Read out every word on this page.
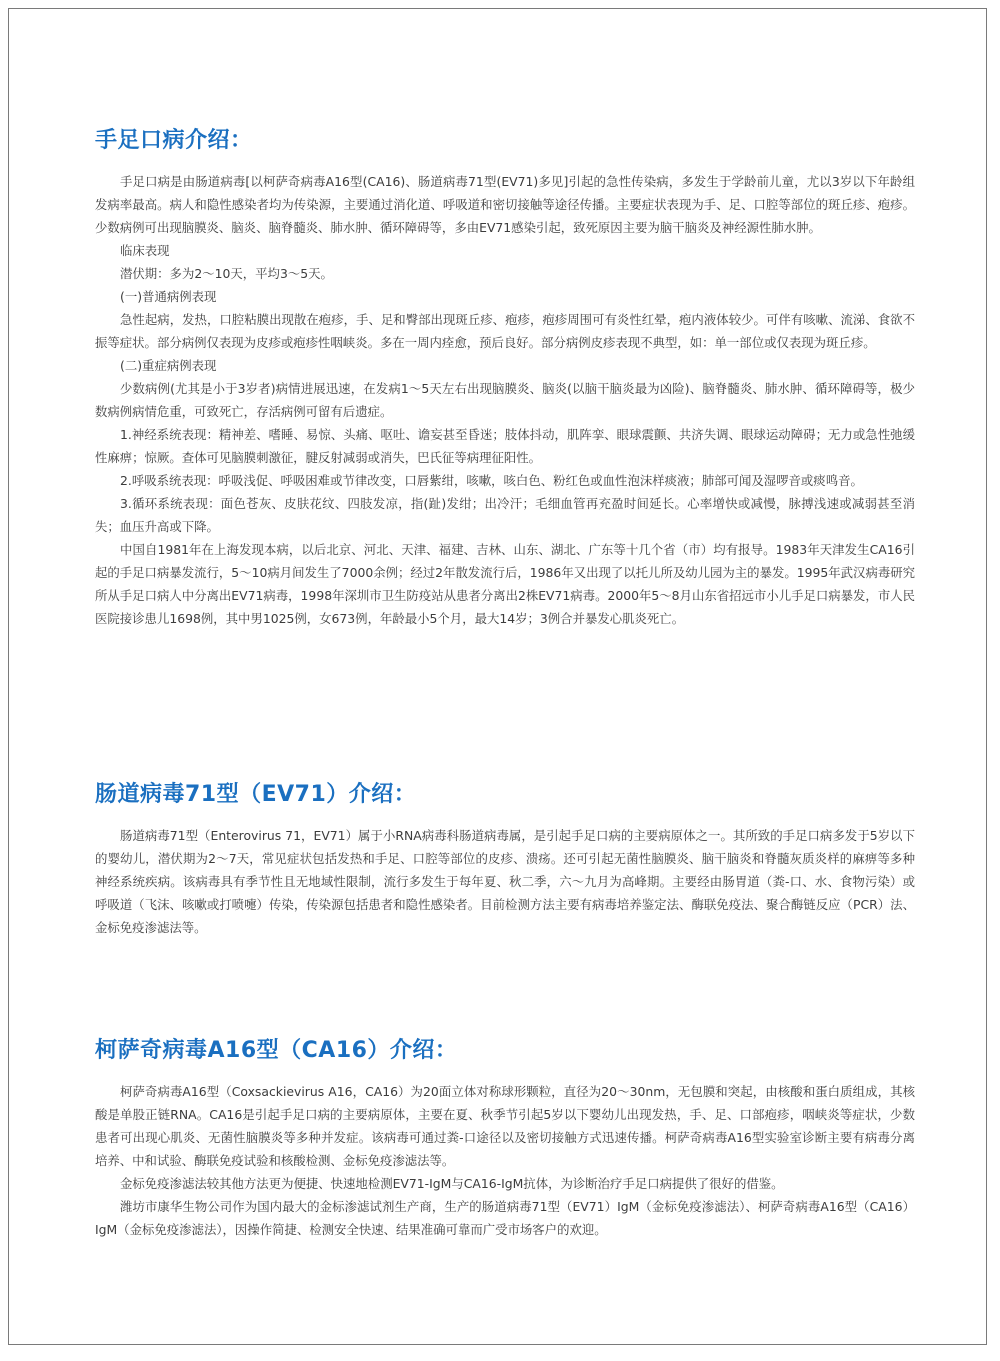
手足口病介绍：

手足口病是由肠道病毒[以柯萨奇病毒A16型(CA16)、肠道病毒71型(EV71)多见]引起的急性传染病，多发生于学龄前儿童，尤以3岁以下年龄组发病率最高。病人和隐性感染者均为传染源，主要通过消化道、呼吸道和密切接触等途径传播。主要症状表现为手、足、口腔等部位的斑丘疹、疱疹。少数病例可出现脑膜炎、脑炎、脑脊髓炎、肺水肿、循环障碍等，多由EV71感染引起，致死原因主要为脑干脑炎及神经源性肺水肿。

临床表现

潜伏期：多为2～10天，平均3～5天。

(一)普通病例表现

急性起病，发热，口腔粘膜出现散在疱疹，手、足和臀部出现斑丘疹、疱疹，疱疹周围可有炎性红晕，疱内液体较少。可伴有咳嗽、流涕、食欲不振等症状。部分病例仅表现为皮疹或疱疹性咽峡炎。多在一周内痊愈，预后良好。部分病例皮疹表现不典型，如：单一部位或仅表现为斑丘疹。

(二)重症病例表现

少数病例(尤其是小于3岁者)病情进展迅速，在发病1～5天左右出现脑膜炎、脑炎(以脑干脑炎最为凶险)、脑脊髓炎、肺水肿、循环障碍等，极少数病例病情危重，可致死亡，存活病例可留有后遗症。

1.神经系统表现：精神差、嗜睡、易惊、头痛、呕吐、谵妄甚至昏迷；肢体抖动，肌阵挛、眼球震颤、共济失调、眼球运动障碍；无力或急性弛缓性麻痹；惊厥。查体可见脑膜刺激征，腱反射减弱或消失，巴氏征等病理征阳性。

2.呼吸系统表现：呼吸浅促、呼吸困难或节律改变，口唇紫绀，咳嗽，咳白色、粉红色或血性泡沫样痰液；肺部可闻及湿啰音或痰鸣音。

3.循环系统表现：面色苍灰、皮肤花纹、四肢发凉，指(趾)发绀；出冷汗；毛细血管再充盈时间延长。心率增快或减慢，脉搏浅速或减弱甚至消失；血压升高或下降。

中国自1981年在上海发现本病，以后北京、河北、天津、福建、吉林、山东、湖北、广东等十几个省（市）均有报导。1983年天津发生CA16引起的手足口病暴发流行，5～10病月间发生了7000余例；经过2年散发流行后，1986年又出现了以托儿所及幼儿园为主的暴发。1995年武汉病毒研究所从手足口病人中分离出EV71病毒，1998年深圳市卫生防疫站从患者分离出2株EV71病毒。2000年5～8月山东省招远市小儿手足口病暴发，市人民医院接诊患儿1698例，其中男1025例，女673例，年龄最小5个月，最大14岁；3例合并暴发心肌炎死亡。

肠道病毒71型（EV71）介绍：

肠道病毒71型（Enterovirus 71，EV71）属于小RNA病毒科肠道病毒属，是引起手足口病的主要病原体之一。其所致的手足口病多发于5岁以下的婴幼儿，潜伏期为2～7天，常见症状包括发热和手足、口腔等部位的皮疹、溃疡。还可引起无菌性脑膜炎、脑干脑炎和脊髓灰质炎样的麻痹等多种神经系统疾病。该病毒具有季节性且无地域性限制，流行多发生于每年夏、秋二季，六～九月为高峰期。主要经由肠胃道（粪-口、水、食物污染）或呼吸道（飞沫、咳嗽或打喷嚏）传染，传染源包括患者和隐性感染者。目前检测方法主要有病毒培养鉴定法、酶联免疫法、聚合酶链反应（PCR）法、金标免疫渗滤法等。

柯萨奇病毒A16型（CA16）介绍：

柯萨奇病毒A16型（Coxsackievirus A16，CA16）为20面立体对称球形颗粒，直径为20～30nm，无包膜和突起，由核酸和蛋白质组成，其核酸是单股正链RNA。CA16是引起手足口病的主要病原体，主要在夏、秋季节引起5岁以下婴幼儿出现发热，手、足、口部疱疹，咽峡炎等症状，少数患者可出现心肌炎、无菌性脑膜炎等多种并发症。该病毒可通过粪-口途径以及密切接触方式迅速传播。柯萨奇病毒A16型实验室诊断主要有病毒分离培养、中和试验、酶联免疫试验和核酸检测、金标免疫渗滤法等。

金标免疫渗滤法较其他方法更为便捷、快速地检测EV71-IgM与CA16-IgM抗体，为诊断治疗手足口病提供了很好的借鉴。

潍坊市康华生物公司作为国内最大的金标渗滤试剂生产商，生产的肠道病毒71型（EV71）IgM（金标免疫渗滤法）、柯萨奇病毒A16型（CA16）IgM（金标免疫渗滤法），因操作简捷、检测安全快速、结果准确可靠而广受市场客户的欢迎。
